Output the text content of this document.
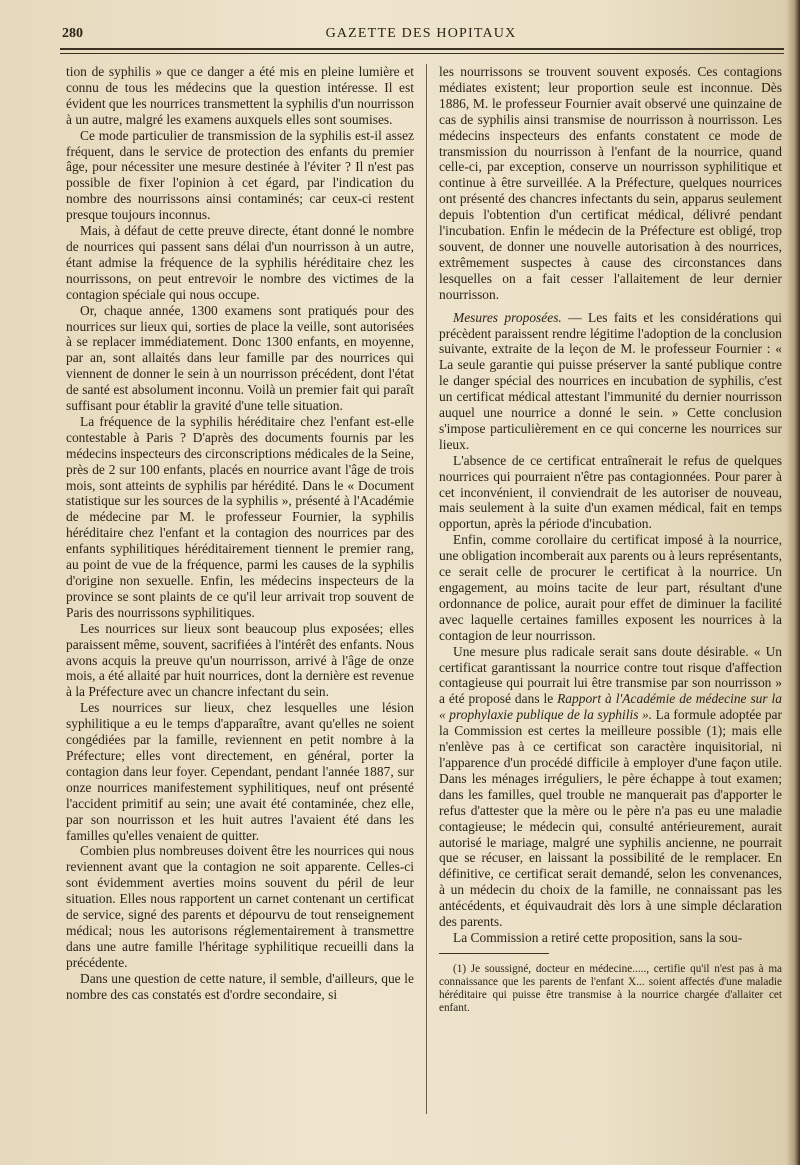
280	GAZETTE DES HOPITAUX

tion de syphilis » que ce danger a été mis en pleine lumière et connu de tous les médecins que la question intéresse. Il est évident que les nourrices transmettent la syphilis d'un nourrisson à un autre, malgré les examens auxquels elles sont soumises.

Ce mode particulier de transmission de la syphilis est-il assez fréquent, dans le service de protection des enfants du premier âge, pour nécessiter une mesure destinée à l'éviter ? Il n'est pas possible de fixer l'opinion à cet égard, par l'indication du nombre des nourrissons ainsi contaminés; car ceux-ci restent presque toujours inconnus.

Mais, à défaut de cette preuve directe, étant donné le nombre de nourrices qui passent sans délai d'un nourrisson à un autre, étant admise la fréquence de la syphilis héréditaire chez les nourrissons, on peut entrevoir le nombre des victimes de la contagion spéciale qui nous occupe.

Or, chaque année, 1300 examens sont pratiqués pour des nourrices sur lieux qui, sorties de place la veille, sont autorisées à se replacer immédiatement. Donc 1300 enfants, en moyenne, par an, sont allaités dans leur famille par des nourrices qui viennent de donner le sein à un nourrisson précédent, dont l'état de santé est absolument inconnu. Voilà un premier fait qui paraît suffisant pour établir la gravité d'une telle situation.

La fréquence de la syphilis héréditaire chez l'enfant est-elle contestable à Paris ? D'après des documents fournis par les médecins inspecteurs des circonscriptions médicales de la Seine, près de 2 sur 100 enfants, placés en nourrice avant l'âge de trois mois, sont atteints de syphilis par hérédité. Dans le « Document statistique sur les sources de la syphilis », présenté à l'Académie de médecine par M. le professeur Fournier, la syphilis héréditaire chez l'enfant et la contagion des nourrices par des enfants syphilitiques héréditairement tiennent le premier rang, au point de vue de la fréquence, parmi les causes de la syphilis d'origine non sexuelle. Enfin, les médecins inspecteurs de la province se sont plaints de ce qu'il leur arrivait trop souvent de Paris des nourrissons syphilitiques.

Les nourrices sur lieux sont beaucoup plus exposées; elles paraissent même, souvent, sacrifiées à l'intérêt des enfants. Nous avons acquis la preuve qu'un nourrisson, arrivé à l'âge de onze mois, a été allaité par huit nourrices, dont la dernière est revenue à la Préfecture avec un chancre infectant du sein.

Les nourrices sur lieux, chez lesquelles une lésion syphilitique a eu le temps d'apparaître, avant qu'elles ne soient congédiées par la famille, reviennent en petit nombre à la Préfecture; elles vont directement, en général, porter la contagion dans leur foyer. Cependant, pendant l'année 1887, sur onze nourrices manifestement syphilitiques, neuf ont présenté l'accident primitif au sein; une avait été contaminée, chez elle, par son nourrisson et les huit autres l'avaient été dans les familles qu'elles venaient de quitter.

Combien plus nombreuses doivent être les nourrices qui nous reviennent avant que la contagion ne soit apparente. Celles-ci sont évidemment averties moins souvent du péril de leur situation. Elles nous rapportent un carnet contenant un certificat de service, signé des parents et dépourvu de tout renseignement médical; nous les autorisons réglementairement à transmettre dans une autre famille l'héritage syphilitique recueilli dans la précédente.

Dans une question de cette nature, il semble, d'ailleurs, que le nombre des cas constatés est d'ordre secondaire, si

les nourrissons se trouvent souvent exposés. Ces contagions médiates existent; leur proportion seule est inconnue. Dès 1886, M. le professeur Fournier avait observé une quinzaine de cas de syphilis ainsi transmise de nourrisson à nourrisson. Les médecins inspecteurs des enfants constatent ce mode de transmission du nourrisson à l'enfant de la nourrice, quand celle-ci, par exception, conserve un nourrisson syphilitique et continue à être surveillée. A la Préfecture, quelques nourrices ont présenté des chancres infectants du sein, apparus seulement depuis l'obtention d'un certificat médical, délivré pendant l'incubation. Enfin le médecin de la Préfecture est obligé, trop souvent, de donner une nouvelle autorisation à des nourrices, extrêmement suspectes à cause des circonstances dans lesquelles on a fait cesser l'allaitement de leur dernier nourrisson.

Mesures proposées. — Les faits et les considérations qui précèdent paraissent rendre légitime l'adoption de la conclusion suivante, extraite de la leçon de M. le professeur Fournier : « La seule garantie qui puisse préserver la santé publique contre le danger spécial des nourrices en incubation de syphilis, c'est un certificat médical attestant l'immunité du dernier nourrisson auquel une nourrice a donné le sein. » Cette conclusion s'impose particulièrement en ce qui concerne les nourrices sur lieux.

L'absence de ce certificat entraînerait le refus de quelques nourrices qui pourraient n'être pas contagionnées. Pour parer à cet inconvénient, il conviendrait de les autoriser de nouveau, mais seulement à la suite d'un examen médical, fait en temps opportun, après la période d'incubation.

Enfin, comme corollaire du certificat imposé à la nourrice, une obligation incomberait aux parents ou à leurs représentants, ce serait celle de procurer le certificat à la nourrice. Un engagement, au moins tacite de leur part, résultant d'une ordonnance de police, aurait pour effet de diminuer la facilité avec laquelle certaines familles exposent les nourrices à la contagion de leur nourrisson.

Une mesure plus radicale serait sans doute désirable. « Un certificat garantissant la nourrice contre tout risque d'affection contagieuse qui pourrait lui être transmise par son nourrisson » a été proposé dans le Rapport à l'Académie de médecine sur la « prophylaxie publique de la syphilis ». La formule adoptée par la Commission est certes la meilleure possible (1); mais elle n'enlève pas à ce certificat son caractère inquisitorial, ni l'apparence d'un procédé difficile à employer d'une façon utile. Dans les ménages irréguliers, le père échappe à tout examen; dans les familles, quel trouble ne manquerait pas d'apporter le refus d'attester que la mère ou le père n'a pas eu une maladie contagieuse; le médecin qui, consulté antérieurement, aurait autorisé le mariage, malgré une syphilis ancienne, ne pourrait que se récuser, en laissant la possibilité de le remplacer. En définitive, ce certificat serait demandé, selon les convenances, à un médecin du choix de la famille, ne connaissant pas les antécédents, et équivaudrait dès lors à une simple déclaration des parents.

La Commission a retiré cette proposition, sans la sou-

(1) Je soussigné, docteur en médecine....., certifie qu'il n'est pas à ma connaissance que les parents de l'enfant X... soient affectés d'une maladie héréditaire qui puisse être transmise à la nourrice chargée d'allaiter cet enfant.
